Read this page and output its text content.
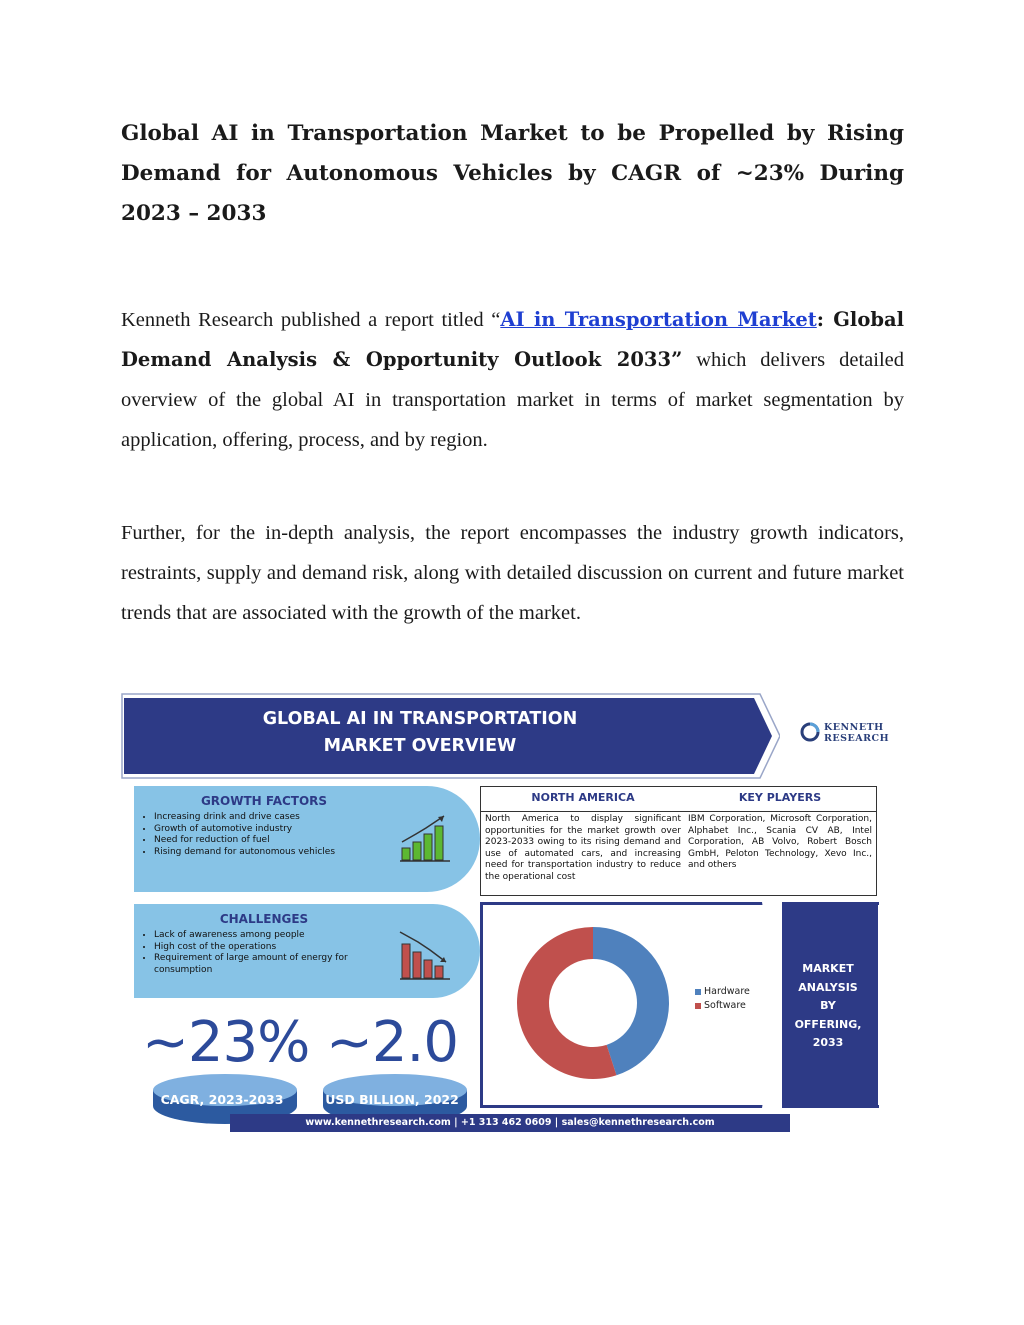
Global AI in Transportation Market to be Propelled by Rising Demand for Autonomous Vehicles by CAGR of ~23% During 2023 – 2033

Kenneth Research published a report titled “AI in Transportation Market: Global Demand Analysis & Opportunity Outlook 2033” which delivers detailed overview of the global AI in transportation market in terms of market segmentation by application, offering, process, and by region.

Further, for the in-depth analysis, the report encompasses the industry growth indicators, restraints, supply and demand risk, along with detailed discussion on current and future market trends that are associated with the growth of the market.

GLOBAL AI IN TRANSPORTATION
MARKET OVERVIEW
KENNETH
RESEARCH
GROWTH FACTORS
• Increasing drink and drive cases
• Growth of automotive industry
• Need for reduction of fuel
• Rising demand for autonomous vehicles
CHALLENGES
• Lack of awareness among people
• High cost of the operations
• Requirement of large amount of energy for consumption
~23%
CAGR, 2023-2033
~2.0
USD BILLION, 2022
NORTH AMERICA
North America to display significant opportunities for the market growth over 2023-2033 owing to its rising demand and use of automated cars, and increasing need for transportation industry to reduce the operational cost
KEY PLAYERS
IBM Corporation, Microsoft Corporation, Alphabet Inc., Scania CV AB, Intel Corporation, AB Volvo, Robert Bosch GmbH, Peloton Technology, Xevo Inc., and others
Hardware
Software
MARKET
ANALYSIS
BY
OFFERING,
2033
www.kennethresearch.com | +1 313 462 0609 | sales@kennethresearch.com
